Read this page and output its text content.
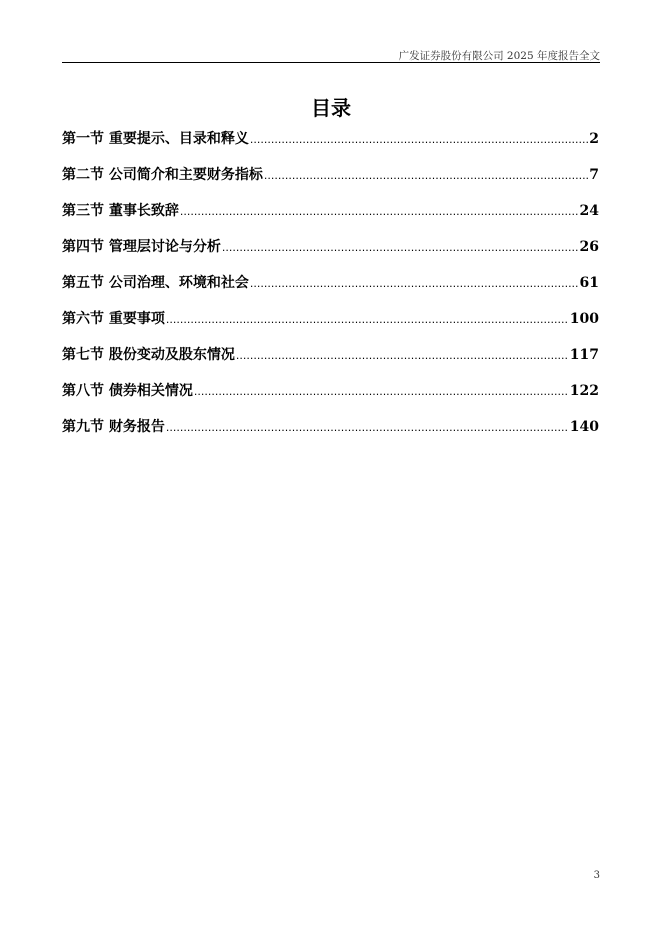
广发证券股份有限公司 2025 年度报告全文
目录
第一节 重要提示、目录和释义 .....	2
第二节 公司简介和主要财务指标 .....	7
第三节 董事长致辞 .....	24
第四节 管理层讨论与分析 .....	26
第五节 公司治理、环境和社会 .....	61
第六节 重要事项 .....	100
第七节 股份变动及股东情况 .....	117
第八节 债券相关情况 .....	122
第九节 财务报告 .....	140
3
